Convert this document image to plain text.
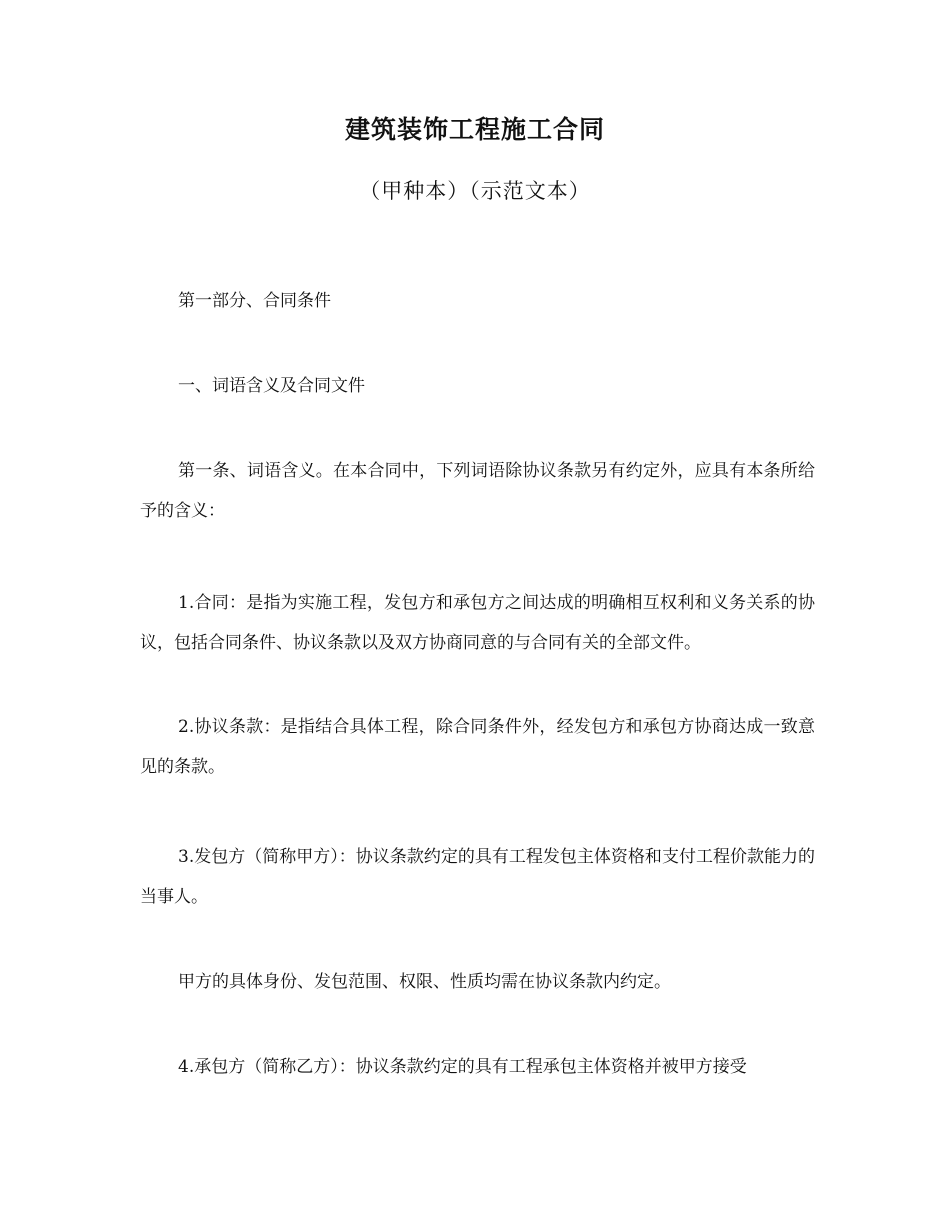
建筑装饰工程施工合同
（甲种本）（示范文本）

第一部分、合同条件

一、词语含义及合同文件

第一条、词语含义。在本合同中，下列词语除协议条款另有约定外，应具有本条所给予的含义：

1.合同：是指为实施工程，发包方和承包方之间达成的明确相互权利和义务关系的协议，包括合同条件、协议条款以及双方协商同意的与合同有关的全部文件。

2.协议条款：是指结合具体工程，除合同条件外，经发包方和承包方协商达成一致意见的条款。

3.发包方（简称甲方）：协议条款约定的具有工程发包主体资格和支付工程价款能力的当事人。

甲方的具体身份、发包范围、权限、性质均需在协议条款内约定。

4.承包方（简称乙方）：协议条款约定的具有工程承包主体资格并被甲方接受
